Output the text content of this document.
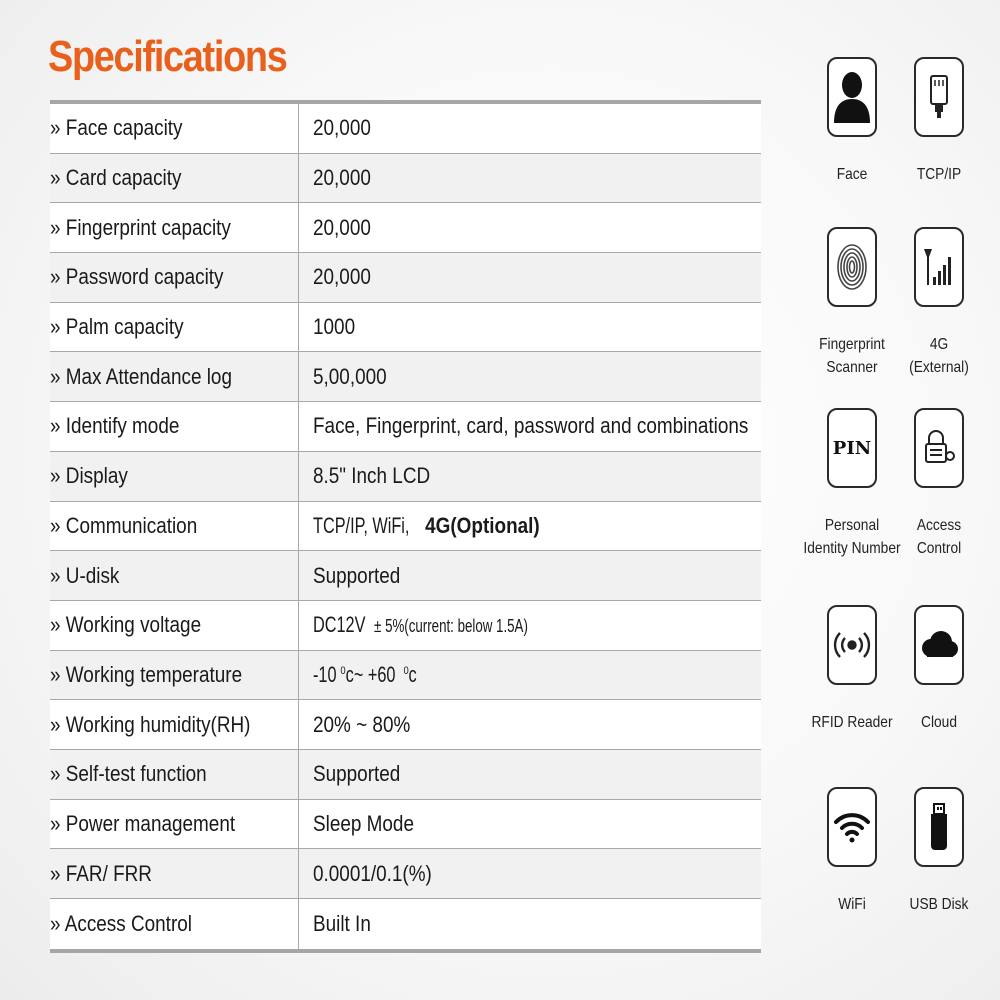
Specifications
» Face capacity	20,000
» Card capacity	20,000
» Fingerprint capacity	20,000
» Password capacity	20,000
» Palm capacity	1000
» Max Attendance log	5,00,000
» Identify mode	Face, Fingerprint, card, password and combinations
» Display	8.5" Inch LCD
» Communication	TCP/IP, WiFi,4G(Optional)
» U-disk	Supported
» Working voltage	DC12V± 5%(current: below 1.5A)
» Working temperature	-10 $^0$c~ +60 $^0$c
» Working humidity(RH)	20% ~ 80%
» Self-test function	Supported
» Power management	Sleep Mode
» FAR/ FRR	0.0001/0.1(%)
» Access Control	Built In
Face	TCP/IP
Fingerprint
Scanner
4G
(External)
PIN
Personal
Identity Number
Access
Control
RFID Reader	Cloud
WiFi	USB Disk
